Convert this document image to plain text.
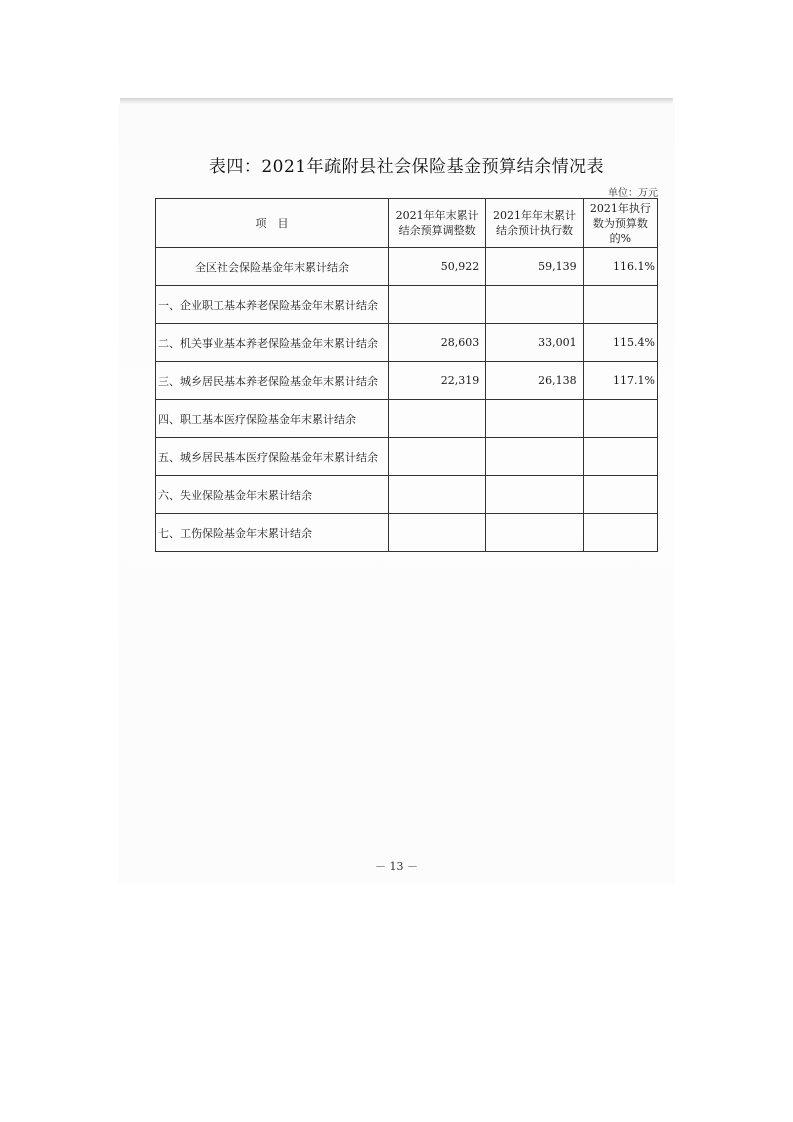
表四：2021年疏附县社会保险基金预算结余情况表
单位：万元
项　目	2021年年末累计结余预算调整数	2021年年末累计结余预计执行数	2021年执行数为预算数的%
全区社会保险基金年末累计结余	50,922	59,139	116.1%
一、企业职工基本养老保险基金年末累计结余			
二、机关事业基本养老保险基金年末累计结余	28,603	33,001	115.4%
三、城乡居民基本养老保险基金年末累计结余	22,319	26,138	117.1%
四、职工基本医疗保险基金年末累计结余			
五、城乡居民基本医疗保险基金年末累计结余			
六、失业保险基金年末累计结余			
七、工伤保险基金年末累计结余			
－ 13 －
